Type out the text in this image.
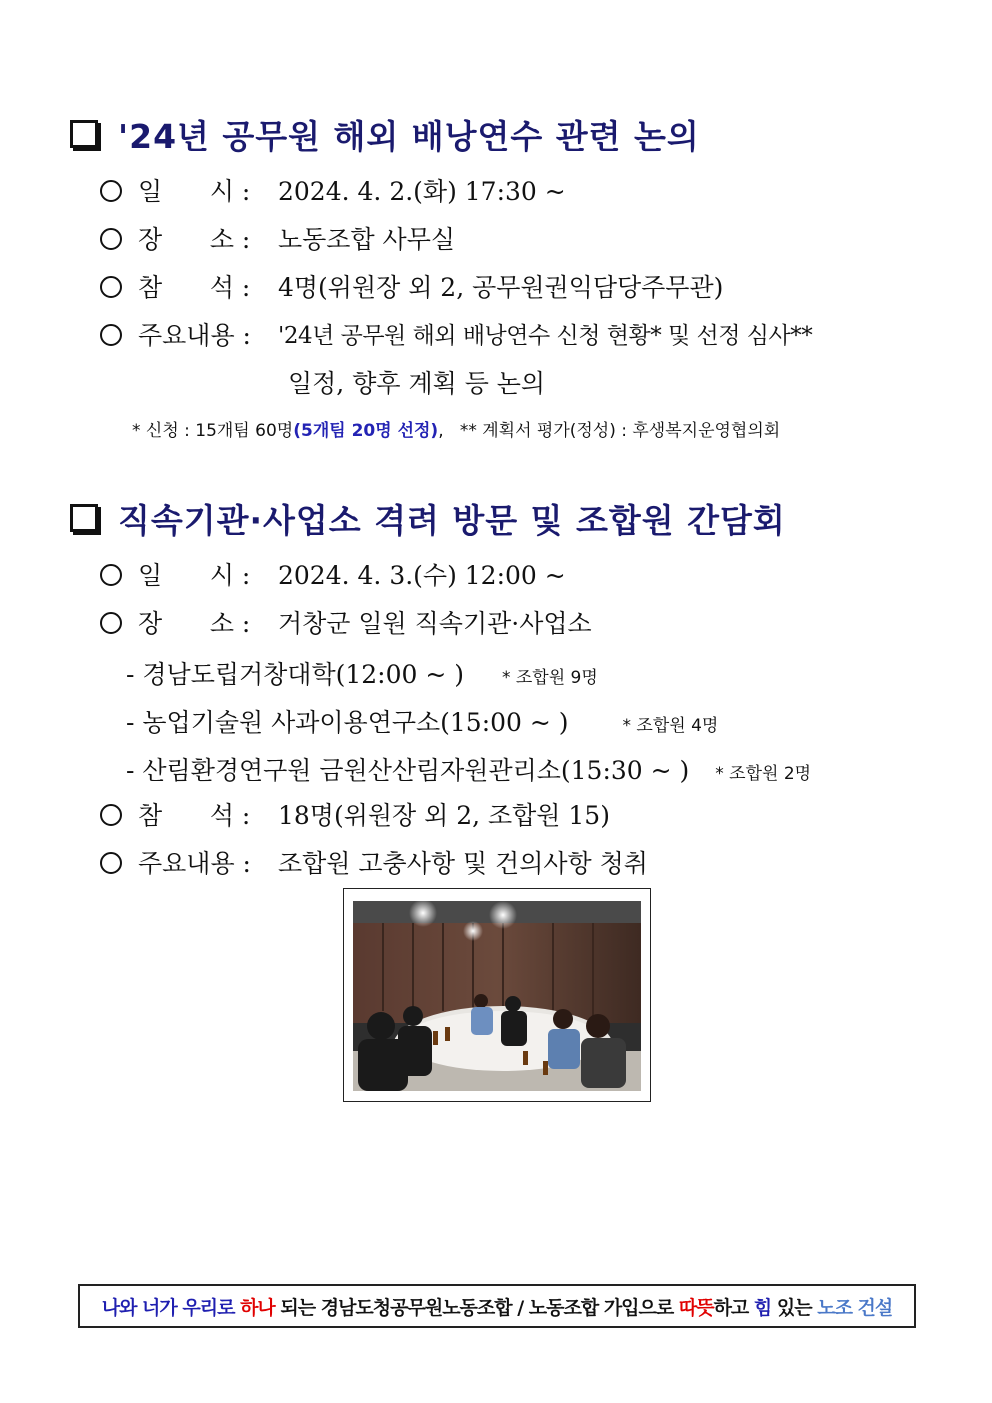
'24년 공무원 해외 배낭연수 관련 논의
일      시 : 2024. 4. 2.(화) 17:30 ~
장      소 : 노동조합 사무실
참      석 : 4명(위원장 외 2, 공무원권익담당주무관)
주요내용 : '24년 공무원 해외 배낭연수 신청 현황* 및 선정 심사**
일정, 향후 계획 등 논의
* 신청 : 15개팀 60명(5개팀 20명 선정),   ** 계획서 평가(정성) : 후생복지운영협의회
직속기관·사업소 격려 방문 및 조합원 간담회
일      시 : 2024. 4. 3.(수) 12:00 ~
장      소 : 거창군 일원 직속기관·사업소
- 경남도립거창대학(12:00 ~ ) * 조합원 9명
- 농업기술원 사과이용연구소(15:00 ~ )	* 조합원 4명
- 산림환경연구원 금원산산림자원관리소(15:30 ~ ) * 조합원 2명
참      석 : 18명(위원장 외 2, 조합원 15)
주요내용 : 조합원 고충사항 및 건의사항 청취
나와 너가 우리로 하나 되는 경남도청공무원노동조합 / 노동조합 가입으로 따뜻 하고 힘 있는 노조 건설
